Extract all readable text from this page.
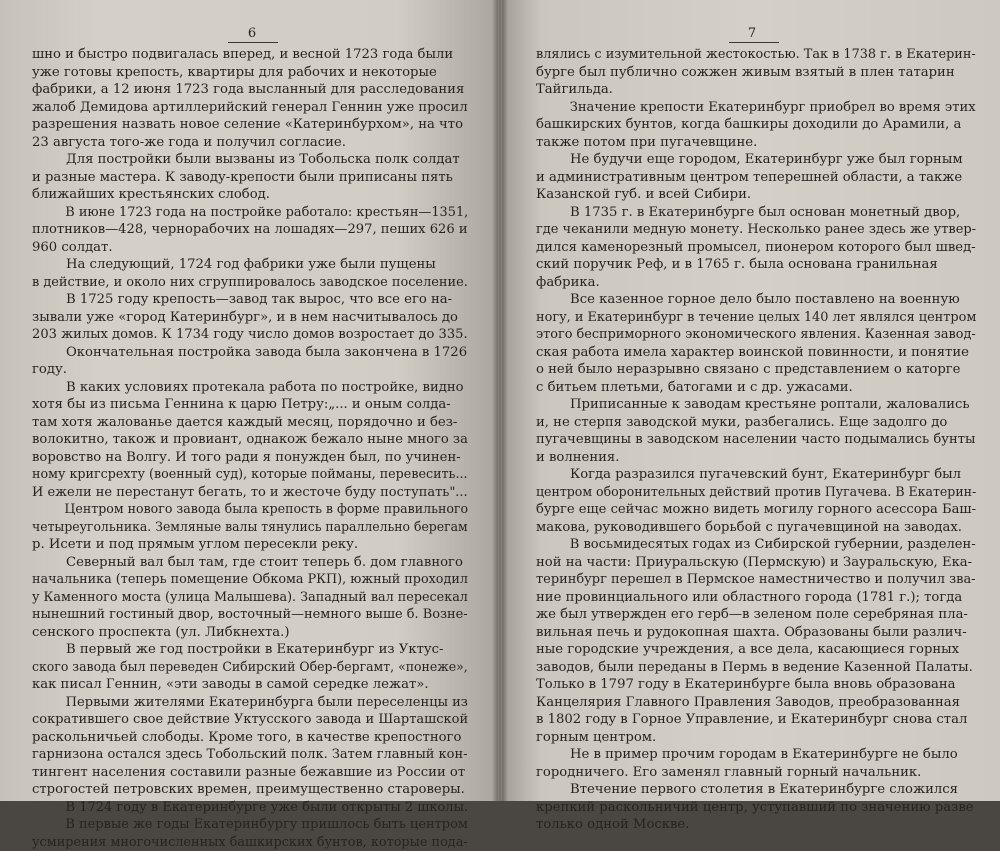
6
шно и быстро подвигалась вперед, и весной 1723 года были
уже готовы крепость, квартиры для рабочих и некоторые
фабрики, а 12 июня 1723 года высланный для расследования
жалоб Демидова артиллерийский генерал Геннин уже просил
разрешения назвать новое селение «Катеринбурхом», на что
23 августа того-же года и получил согласие.
Для постройки были вызваны из Тобольска полк солдат
и разные мастера. К заводу-крепости были приписаны пять
ближайших крестьянских слобод.
В июне 1723 года на постройке работало: крестьян—1351,
плотников—428, чернорабочих на лошадях—297, пеших 626 и
960 солдат.
На следующий, 1724 год фабрики уже были пущены
в действие, и около них сгруппировалось заводское поселение.
В 1725 году крепость—завод так вырос, что все его на-
зывали уже «город Катеринбург», и в нем насчитывалось до
203 жилых домов. К 1734 году число домов возростает до 335.
Окончательная постройка завода была закончена в 1726
году.
В каких условиях протекала работа по постройке, видно
хотя бы из письма Геннина к царю Петру:„... и оным солда-
там хотя жалованье дается каждый месяц, порядочно и без-
волокитно, також и провиант, однакож бежало ныне много за
воровство на Волгу. И того ради я понужден был, по учинен-
ному кригсрехту (военный суд), которые пойманы, перевесить...
И ежели не перестанут бегать, то и жесточе буду поступать"...
Центром нового завода была крепость в форме правильного
четыреугольника. Земляные валы тянулись параллельно берегам
р. Исети и под прямым углом пересекли реку.
Северный вал был там, где стоит теперь б. дом главного
начальника (теперь помещение Обкома РКП), южный проходил
у Каменного моста (улица Малышева). Западный вал пересекал
нынешний гостиный двор, восточный—немного выше б. Возне-
сенского проспекта (ул. Либкнехта.)
В первый же год постройки в Екатеринбург из Уктус-
ского завода был переведен Сибирский Обер-бергамт, «понеже»,
как писал Геннин, «эти заводы в самой середке лежат».
Первыми жителями Екатеринбурга были переселенцы из
сократившего свое действие Уктусского завода и Шарташской
раскольничьей слободы. Кроме того, в качестве крепостного
гарнизона остался здесь Тобольский полк. Затем главный кон-
тингент населения составили разные бежавшие из России от
строгостей петровских времен, преимущественно староверы.
В 1724 году в Екатеринбурге уже были открыты 2 школы.
В первые же годы Екатеринбургу пришлось быть центром
усмирения многочисленных башкирских бунтов, которые пода-
7
влялись с изумительной жестокостью. Так в 1738 г. в Екатерин-
бурге был публично сожжен живым взятый в плен татарин
Тайгильда.
Значение крепости Екатеринбург приобрел во время этих
башкирских бунтов, когда башкиры доходили до Арамили, а
также потом при пугачевщине.
Не будучи еще городом, Екатеринбург уже был горным
и административным центром теперешней области, а также
Казанской губ. и всей Сибири.
В 1735 г. в Екатеринбурге был основан монетный двор,
где чеканили медную монету. Несколько ранее здесь же утвер-
дился каменорезный промысел, пионером которого был швед-
ский поручик Реф, и в 1765 г. была основана гранильная
фабрика.
Все казенное горное дело было поставлено на военную
ногу, и Екатеринбург в течение целых 140 лет являлся центром
этого бесприморного экономического явления. Казенная завод-
ская работа имела характер воинской повинности, и понятие
о ней было неразрывно связано с представлением о каторге
с битьем плетьми, батогами и с др. ужасами.
Приписанные к заводам крестьяне роптали, жаловались
и, не стерпя заводской муки, разбегались. Еще задолго до
пугачевщины в заводском населении часто подымались бунты
и волнения.
Когда разразился пугачевский бунт, Екатеринбург был
центром оборонительных действий против Пугачева. В Екатерин-
бурге еще сейчас можно видеть могилу горного асессора Баш-
макова, руководившего борьбой с пугачевщиной на заводах.
В восьмидесятых годах из Сибирской губернии, разделен-
ной на части: Приуральскую (Пермскую) и Зауральскую, Ека-
теринбург перешел в Пермское наместничество и получил зва-
ние провинциального или областного города (1781 г.); тогда
же был утвержден его герб—в зеленом поле серебряная пла-
вильная печь и рудокопная шахта. Образованы были различ-
ные городские учреждения, а все дела, касающиеся горных
заводов, были переданы в Пермь в ведение Казенной Палаты.
Только в 1797 году в Екатеринбурге была вновь образована
Канцелярия Главного Правления Заводов, преобразованная
в 1802 году в Горное Управление, и Екатеринбург снова стал
горным центром.
Не в пример прочим городам в Екатеринбурге не было
городничего. Его заменял главный горный начальник.
Втечение первого столетия в Екатеринбурге сложился
крепкий раскольничий центр, уступавший по значению разве
только одной Москве.
